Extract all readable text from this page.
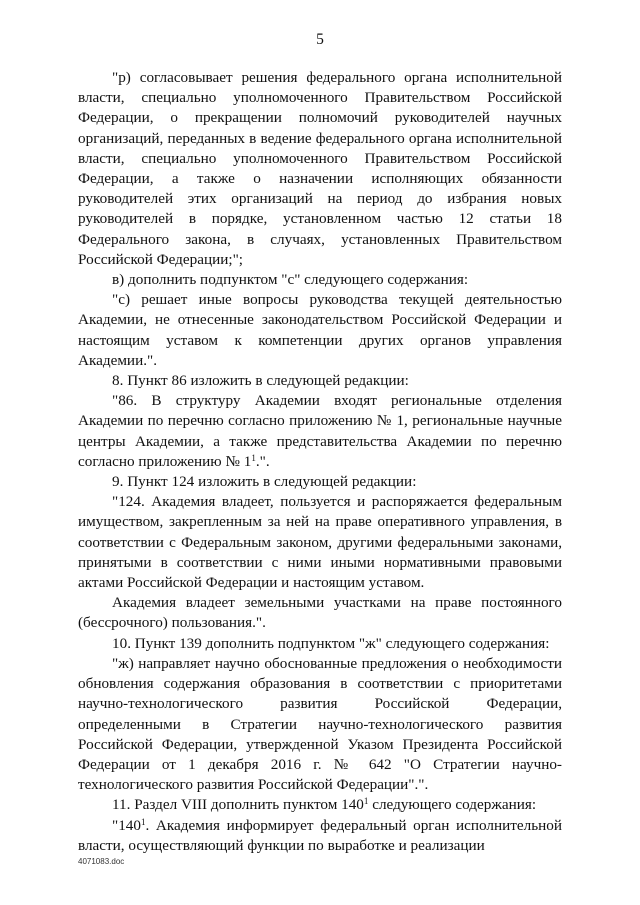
5

"р) согласовывает решения федерального органа исполнительной власти, специально уполномоченного Правительством Российской Федерации, о прекращении полномочий руководителей научных организаций, переданных в ведение федерального органа исполнительной власти, специально уполномоченного Правительством Российской Федерации, а также о назначении исполняющих обязанности руководителей этих организаций на период до избрания новых руководителей в порядке, установленном частью 12 статьи 18 Федерального закона, в случаях, установленных Правительством Российской Федерации;";

в) дополнить подпунктом "с" следующего содержания:

"с) решает иные вопросы руководства текущей деятельностью Академии, не отнесенные законодательством Российской Федерации и настоящим уставом к компетенции других органов управления Академии.".

8. Пункт 86 изложить в следующей редакции:

"86. В структуру Академии входят региональные отделения Академии по перечню согласно приложению № 1, региональные научные центры Академии, а также представительства Академии по перечню согласно приложению № $1^1$.".

9. Пункт 124 изложить в следующей редакции:

"124. Академия владеет, пользуется и распоряжается федеральным имуществом, закрепленным за ней на праве оперативного управления, в соответствии с Федеральным законом, другими федеральными законами, принятыми в соответствии с ними иными нормативными правовыми актами Российской Федерации и настоящим уставом.

Академия владеет земельными участками на праве постоянного (бессрочного) пользования.".

10. Пункт 139 дополнить подпунктом "ж" следующего содержания:

"ж) направляет научно обоснованные предложения о необходимости обновления содержания образования в соответствии с приоритетами научно-технологического развития Российской Федерации, определенными в Стратегии научно-технологического развития Российской Федерации, утвержденной Указом Президента Российской Федерации от 1 декабря 2016 г. № 642 "О Стратегии научно-технологического развития Российской Федерации".".

11. Раздел VIII дополнить пунктом $140^1$ следующего содержания:

"$140^1$. Академия информирует федеральный орган исполнительной власти, осуществляющий функции по выработке и реализации

4071083.doc
